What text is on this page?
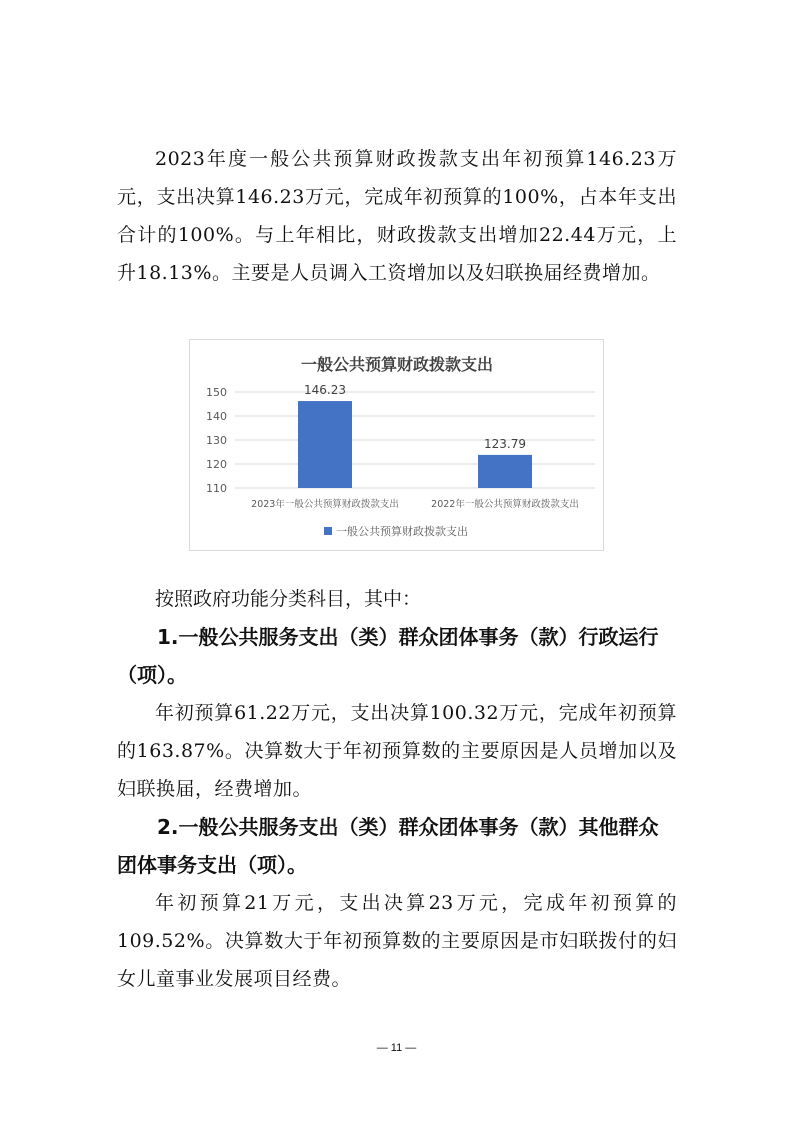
2023年度一般公共预算财政拨款支出年初预算146.23万元，支出决算146.23万元，完成年初预算的100%，占本年支出合计的100%。与上年相比，财政拨款支出增加22.44万元，上升18.13%。主要是人员调入工资增加以及妇联换届经费增加。

一般公共预算财政拨款支出
150
140
130
120
110
146.23
123.79
2023年一般公共预算财政拨款支出	2022年一般公共预算财政拨款支出
一般公共预算财政拨款支出

按照政府功能分类科目，其中：

1.一般公共服务支出（类）群众团体事务（款）行政运行（项）。

年初预算61.22万元，支出决算100.32万元，完成年初预算的163.87%。决算数大于年初预算数的主要原因是人员增加以及妇联换届，经费增加。

2.一般公共服务支出（类）群众团体事务（款）其他群众团体事务支出（项）。

年初预算21万元，支出决算23万元，完成年初预算的109.52%。决算数大于年初预算数的主要原因是市妇联拨付的妇女儿童事业发展项目经费。

— 11 —
